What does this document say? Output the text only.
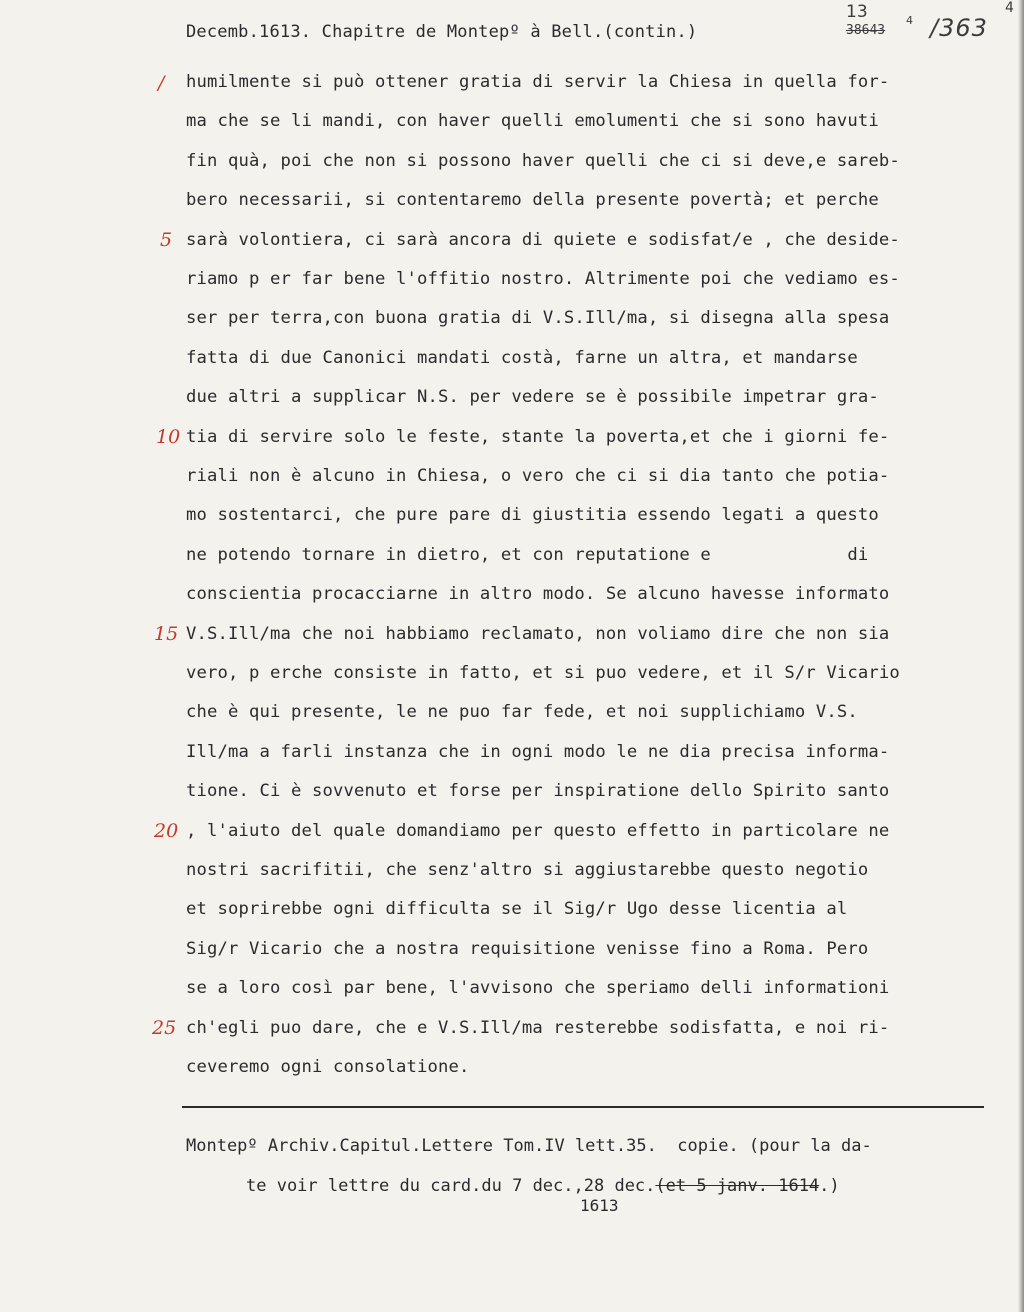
Decemb.1613. Chapitre de Montepº à Bell.(contin.)
13
38643
4 /363
4
humilmente si può ottener gratia di servir la Chiesa in quella for-
ma che se li mandi, con haver quelli emolumenti che si sono havuti
fin quà, poi che non si possono haver quelli che ci si deve,e sareb-
bero necessarii, si contentaremo della presente povertà; et perche
sarà volontiera, ci sarà ancora di quiete e sodisfat/e , che deside-
riamo p er far bene l'offitio nostro. Altrimente poi che vediamo es-
ser per terra,con buona gratia di V.S.Ill/ma, si disegna alla spesa
fatta di due Canonici mandati costà, farne un altra, et mandarse
due altri a supplicar N.S. per vedere se è possibile impetrar gra-
tia di servire solo le feste, stante la poverta,et che i giorni fe-
riali non è alcuno in Chiesa, o vero che ci si dia tanto che potia-
mo sostentarci, che pure pare di giustitia essendo legati a questo
ne potendo tornare in dietro, et con reputatione e             di
conscientia procacciarne in altro modo. Se alcuno havesse informato
V.S.Ill/ma che noi habbiamo reclamato, non voliamo dire che non sia
vero, p erche consiste in fatto, et si puo vedere, et il S/r Vicario
che è qui presente, le ne puo far fede, et noi supplichiamo V.S.
Ill/ma a farli instanza che in ogni modo le ne dia precisa informa-
tione. Ci è sovvenuto et forse per inspiratione dello Spirito santo
, l'aiuto del quale domandiamo per questo effetto in particolare ne
nostri sacrifitii, che senz'altro si aggiustarebbe questo negotio
et soprirebbe ogni difficulta se il Sig/r Ugo desse licentia al
Sig/r Vicario che a nostra requisitione venisse fino a Roma. Pero
se a loro così par bene, l'avvisono che speriamo delli informationi
ch'egli puo dare, che e V.S.Ill/ma resterebbe sodisfatta, e noi ri-
ceveremo ogni consolatione.
/
5
10
15
20
25
Montepº Archiv.Capitul.Lettere Tom.IV lett.35.  copie. (pour la da-
te voir lettre du card.du 7 dec.,28 dec.(et 5 janv. 1614.)
1613
